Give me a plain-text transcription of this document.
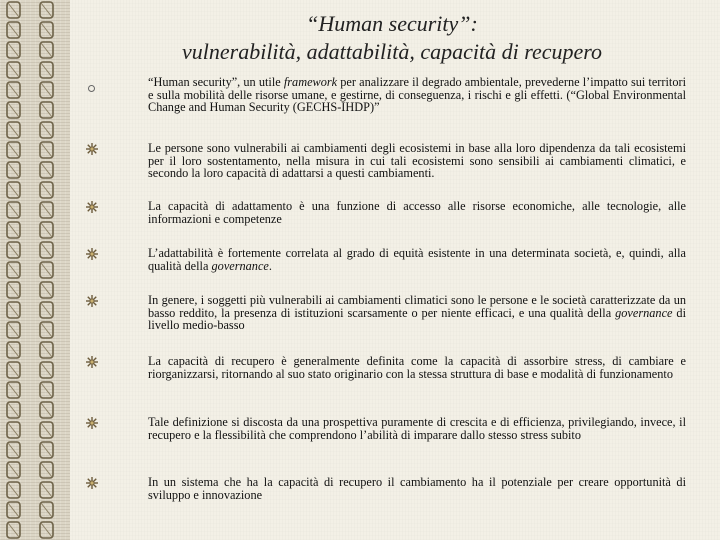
“Human security”:
vulnerabilità, adattabilità, capacità di recupero
“Human security”, un utile framework per analizzare il degrado ambientale, prevederne l’impatto sui territori e sulla mobilità delle risorse umane, e gestirne, di conseguenza, i rischi e gli effetti. (“Global Environmental Change and Human Security (GECHS-IHDP)”
Le persone sono vulnerabili ai cambiamenti degli ecosistemi in base alla loro dipendenza da tali ecosistemi per il loro sostentamento, nella misura in cui tali ecosistemi sono sensibili ai cambiamenti climatici, e secondo la loro capacità di adattarsi a questi cambiamenti.
La capacità di adattamento è una funzione di accesso alle risorse economiche, alle tecnologie, alle informazioni e competenze
L’adattabilità è fortemente correlata al grado di equità esistente in una determinata società, e, quindi, alla qualità della governance.
In genere, i soggetti più vulnerabili ai cambiamenti climatici sono le persone e le società caratterizzate da un basso reddito, la presenza di istituzioni scarsamente o per niente efficaci, e una qualità della governance di livello medio-basso
La capacità di recupero è generalmente definita come la capacità di assorbire stress, di cambiare e riorganizzarsi, ritornando al suo stato originario con la stessa struttura di base e modalità di funzionamento
Tale definizione si discosta da una prospettiva puramente di crescita e di efficienza, privilegiando, invece, il recupero e la flessibilità che comprendono l’abilità di imparare dallo stesso stress subito
In un sistema che ha la capacità di recupero il cambiamento ha il potenziale per creare opportunità di sviluppo e innovazione
